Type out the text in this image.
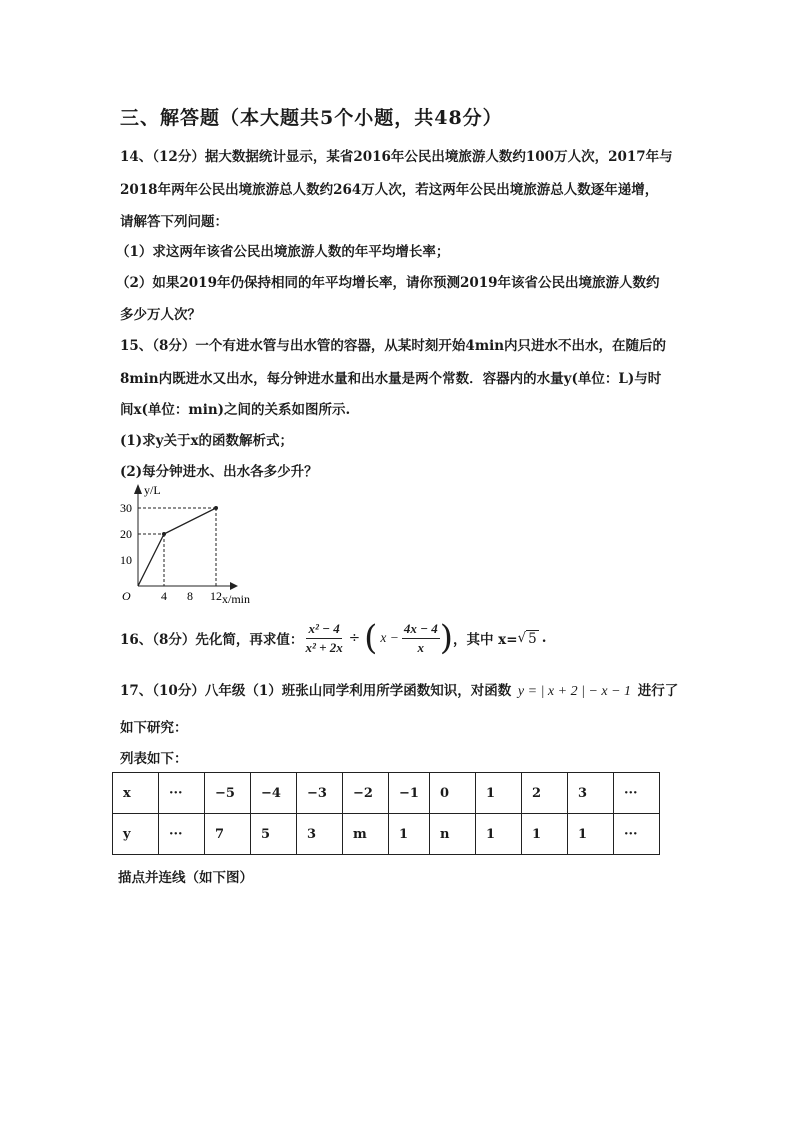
三、解答题（本大题共5个小题，共48分）
14、（12分）据大数据统计显示，某省2016年公民出境旅游人数约100万人次，2017年与
2018年两年公民出境旅游总人数约264万人次，若这两年公民出境旅游总人数逐年递增，
请解答下列问题：
（1）求这两年该省公民出境旅游人数的年平均增长率；
（2）如果2019年仍保持相同的年平均增长率，请你预测2019年该省公民出境旅游人数约
多少万人次？
15、（8分）一个有进水管与出水管的容器，从某时刻开始4min内只进水不出水，在随后的
8min内既进水又出水，每分钟进水量和出水量是两个常数．容器内的水量y(单位：L)与时
间x(单位：min)之间的关系如图所示.
(1)求y关于x的函数解析式；
(2)每分钟进水、出水各多少升？
4 8 12
10
20
30
y/L
x/min
O
16、（8分）先化简，再求值： $\frac{\text{x² − 4}}{\text{x² + 2x}}$ ÷ ( $x - \frac{4x - 4}{x}$ ) ，其中 x= √ 5 .
17、（10分）八年级（1）班张山同学利用所学函数知识，对函数 y = | x + 2 | − x − 1 进行了
如下研究：
列表如下：
x	···	−5	−4	−3	−2	−1	0	1	2	3	···
y	···	7	5	3	m	1	n	1	1	1	···
描点并连线（如下图）
